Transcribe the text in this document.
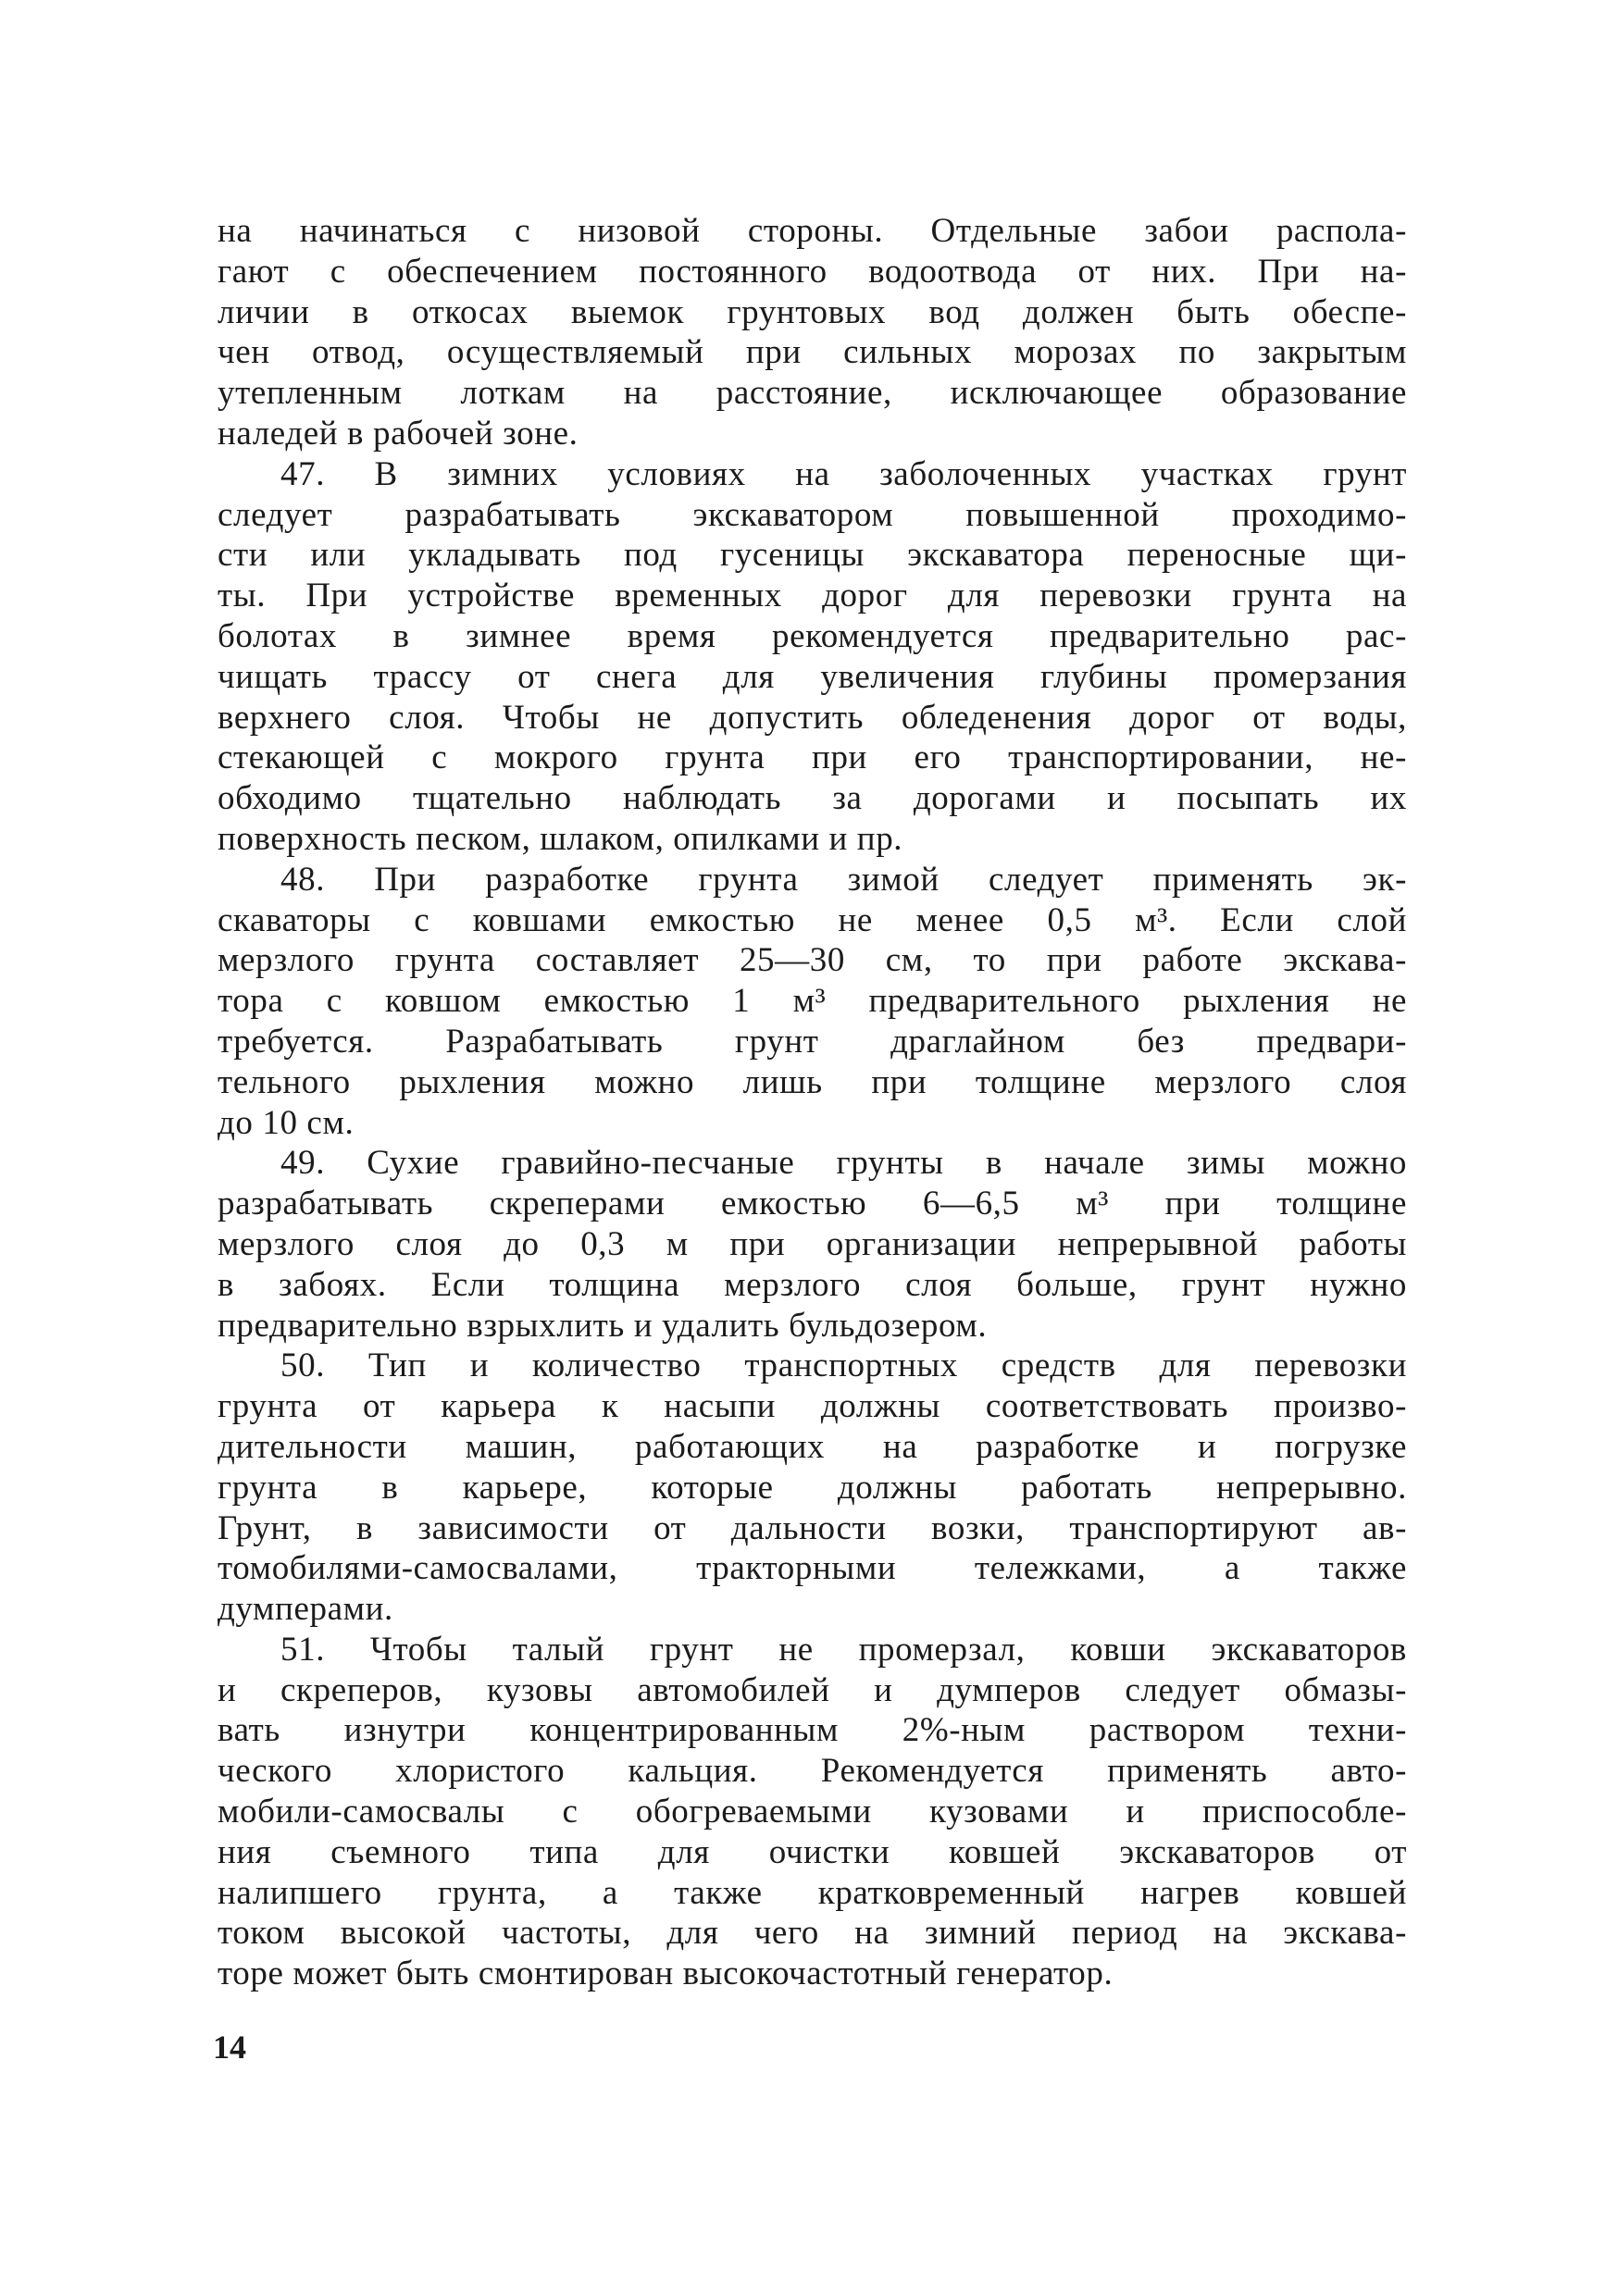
на начинаться с низовой стороны. Отдельные забои распола-
гают с обеспечением постоянного водоотвода от них. При на-
личии в откосах выемок грунтовых вод должен быть обеспе-
чен отвод, осуществляемый при сильных морозах по закрытым
утепленным лоткам на расстояние, исключающее образование
наледей в рабочей зоне.
47. В зимних условиях на заболоченных участках грунт
следует разрабатывать экскаватором повышенной проходимо-
сти или укладывать под гусеницы экскаватора переносные щи-
ты. При устройстве временных дорог для перевозки грунта на
болотах в зимнее время рекомендуется предварительно рас-
чищать трассу от снега для увеличения глубины промерзания
верхнего слоя. Чтобы не допустить обледенения дорог от воды,
стекающей с мокрого грунта при его транспортировании, не-
обходимо тщательно наблюдать за дорогами и посыпать их
поверхность песком, шлаком, опилками и пр.
48. При разработке грунта зимой следует применять эк-
скаваторы с ковшами емкостью не менее 0,5 м³. Если слой
мерзлого грунта составляет 25—30 см, то при работе экскава-
тора с ковшом емкостью 1 м³ предварительного рыхления не
требуется. Разрабатывать грунт драглайном без предвари-
тельного рыхления можно лишь при толщине мерзлого слоя
до 10 см.
49. Сухие гравийно-песчаные грунты в начале зимы можно
разрабатывать скреперами емкостью 6—6,5 м³ при толщине
мерзлого слоя до 0,3 м при организации непрерывной работы
в забоях. Если толщина мерзлого слоя больше, грунт нужно
предварительно взрыхлить и удалить бульдозером.
50. Тип и количество транспортных средств для перевозки
грунта от карьера к насыпи должны соответствовать произво-
дительности машин, работающих на разработке и погрузке
грунта в карьере, которые должны работать непрерывно.
Грунт, в зависимости от дальности возки, транспортируют ав-
томобилями-самосвалами, тракторными тележками, а также
думперами.
51. Чтобы талый грунт не промерзал, ковши экскаваторов
и скреперов, кузовы автомобилей и думперов следует обмазы-
вать изнутри концентрированным 2%-ным раствором техни-
ческого хлористого кальция. Рекомендуется применять авто-
мобили-самосвалы с обогреваемыми кузовами и приспособле-
ния съемного типа для очистки ковшей экскаваторов от
налипшего грунта, а также кратковременный нагрев ковшей
током высокой частоты, для чего на зимний период на экскава-
торе может быть смонтирован высокочастотный генератор.
14
